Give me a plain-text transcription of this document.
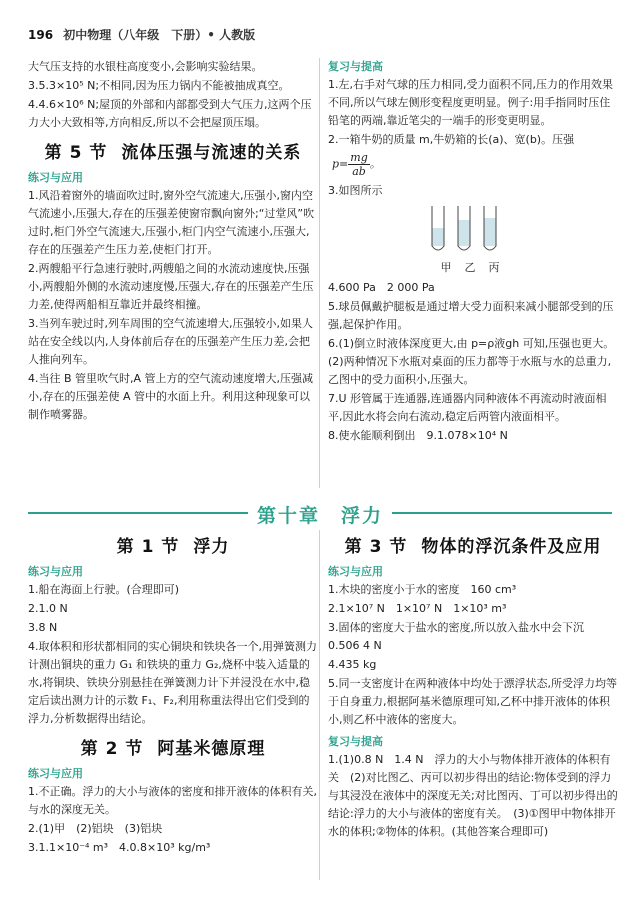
196 初中物理（八年级　下册）• 人教版

大气压支持的水银柱高度变小,会影响实验结果。

3.5.3×10⁵ N;不相同,因为压力锅内不能被抽成真空。

4.4.6×10⁶ N;屋顶的外部和内部都受到大气压力,这两个压力大小大致相等,方向相反,所以不会把屋顶压塌。

第 5 节 流体压强与流速的关系
练习与应用

1.风沿着窗外的墙面吹过时,窗外空气流速大,压强小,窗内空气流速小,压强大,存在的压强差使窗帘飘向窗外;“过堂风”吹过时,柜门外空气流速大,压强小,柜门内空气流速小,压强大,存在的压强差产生压力差,使柜门打开。

2.两艘船平行急速行驶时,两艘船之间的水流动速度快,压强小,两艘船外侧的水流动速度慢,压强大,存在的压强差产生压力差,使得两船相互靠近并最终相撞。

3.当列车驶过时,列车周围的空气流速增大,压强较小,如果人站在安全线以内,人身体前后存在的压强差产生压力差,会把人推向列车。

4.当往 B 管里吹气时,A 管上方的空气流动速度增大,压强减小,存在的压强差使 A 管中的水面上升。利用这种现象可以制作喷雾器。

复习与提高

1.左,右手对气球的压力相同,受力面积不同,压力的作用效果不同,所以气球左侧形变程度更明显。例子:用手指同时压住铅笔的两端,靠近笔尖的一端手的形变更明显。

2.一箱牛奶的质量 m,牛奶箱的长(a)、宽(b)。压强

$p= \frac{mg}{ab}$ 。

3.如图所示

甲 乙 丙

4.600 Pa　2 000 Pa

5.球员佩戴护腿板是通过增大受力面积来减小腿部受到的压强,起保护作用。

6.(1)倒立时液体深度更大,由 p=ρ液gh 可知,压强也更大。(2)两种情况下水瓶对桌面的压力都等于水瓶与水的总重力,乙图中的受力面积小,压强大。

7.U 形管属于连通器,连通器内同种液体不再流动时液面相平,因此水将会向右流动,稳定后两管内液面相平。

8.使水能顺利倒出　9.1.078×10⁴ N

第十章　浮力
第 1 节 浮力
练习与应用

1.船在海面上行驶。(合理即可)

2.1.0 N

3.8 N

4.取体积和形状都相同的实心铜块和铁块各一个,用弹簧测力计测出铜块的重力 G₁ 和铁块的重力 G₂,烧杯中装入适量的水,将铜块、铁块分别悬挂在弹簧测力计下并浸没在水中,稳定后读出测力计的示数 F₁、F₂,利用称重法得出它们受到的浮力,分析数据得出结论。

第 2 节 阿基米德原理
练习与应用

1.不正确。浮力的大小与液体的密度和排开液体的体积有关,与水的深度无关。

2.(1)甲　(2)铝块　(3)铝块

3.1.1×10⁻⁴ m³　4.0.8×10³ kg/m³

第 3 节 物体的浮沉条件及应用
练习与应用

1.木块的密度小于水的密度　160 cm³

2.1×10⁷ N　1×10⁷ N　1×10³ m³

3.固体的密度大于盐水的密度,所以放入盐水中会下沉　0.506 4 N

4.435 kg

5.同一支密度计在两种液体中均处于漂浮状态,所受浮力均等于自身重力,根据阿基米德原理可知,乙杯中排开液体的体积小,则乙杯中液体的密度大。

复习与提高

1.(1)0.8 N　1.4 N　浮力的大小与物体排开液体的体积有关　(2)对比图乙、丙可以初步得出的结论:物体受到的浮力与其浸没在液体中的深度无关;对比图丙、丁可以初步得出的结论:浮力的大小与液体的密度有关。　(3)①图甲中物体排开水的体积;②物体的体积。(其他答案合理即可)
